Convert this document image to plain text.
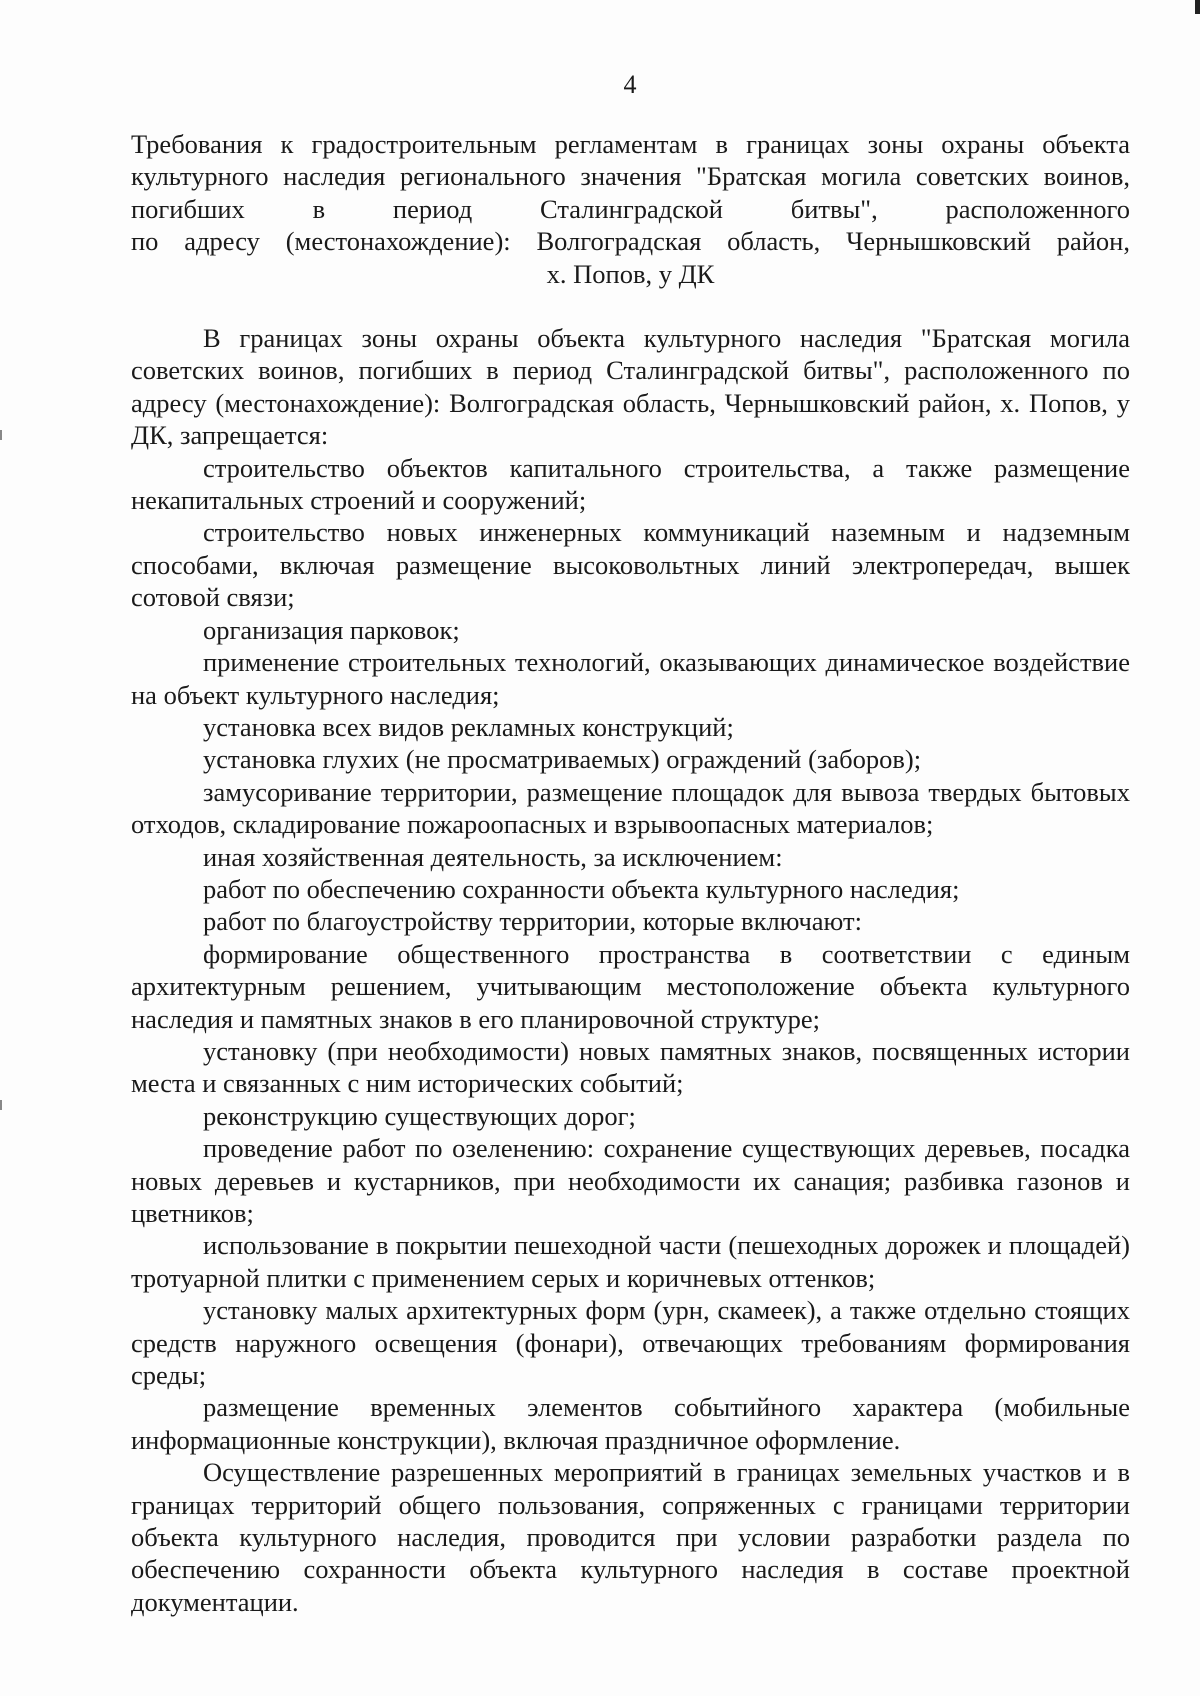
4
Требования к градостроительным регламентам в границах зоны охраны объекта
культурного наследия регионального значения "Братская могила советских воинов,
погибших в период Сталинградской битвы", расположенного
по адресу (местонахождение): Волгоградская область, Чернышковский район,
х. Попов, у ДК

В границах зоны охраны объекта культурного наследия "Братская могила советских воинов, погибших в период Сталинградской битвы", расположенного по адресу (местонахождение): Волгоградская область, Чернышковский район, х. Попов, у ДК, запрещается:

строительство объектов капитального строительства, а также размещение некапитальных строений и сооружений;

строительство новых инженерных коммуникаций наземным и надземным способами, включая размещение высоковольтных линий электропередач, вышек сотовой связи;

организация парковок;

применение строительных технологий, оказывающих динамическое воздействие на объект культурного наследия;

установка всех видов рекламных конструкций;

установка глухих (не просматриваемых) ограждений (заборов);

замусоривание территории, размещение площадок для вывоза твердых бытовых отходов, складирование пожароопасных и взрывоопасных материалов;

иная хозяйственная деятельность, за исключением:

работ по обеспечению сохранности объекта культурного наследия;

работ по благоустройству территории, которые включают:

формирование общественного пространства в соответствии с единым архитектурным решением, учитывающим местоположение объекта культурного наследия и памятных знаков в его планировочной структуре;

установку (при необходимости) новых памятных знаков, посвященных истории места и связанных с ним исторических событий;

реконструкцию существующих дорог;

проведение работ по озеленению: сохранение существующих деревьев, посадка новых деревьев и кустарников, при необходимости их санация; разбивка газонов и цветников;

использование в покрытии пешеходной части (пешеходных дорожек и площадей) тротуарной плитки с применением серых и коричневых оттенков;

установку малых архитектурных форм (урн, скамеек), а также отдельно стоящих средств наружного освещения (фонари), отвечающих требованиям формирования среды;

размещение временных элементов событийного характера (мобильные информационные конструкции), включая праздничное оформление.

Осуществление разрешенных мероприятий в границах земельных участков и в границах территорий общего пользования, сопряженных с границами территории объекта культурного наследия, проводится при условии разработки раздела по обеспечению сохранности объекта культурного наследия в составе проектной документации.
